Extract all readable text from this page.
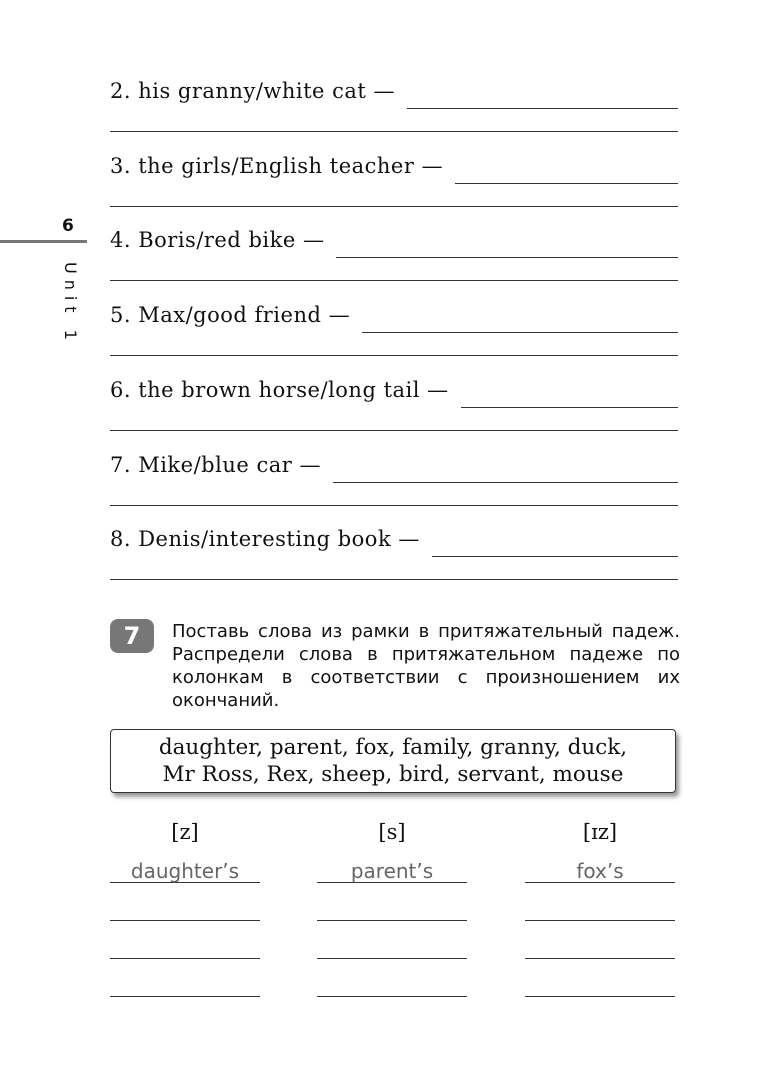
6
Unit 1
2. his granny/white cat —
3. the girls/English teacher —
4. Boris/red bike —
5. Max/good friend —
6. the brown horse/long tail —
7. Mike/blue car —
8. Denis/interesting book —
7	Поставь слова из рамки в притяжательный падеж. Распредели слова в притяжательном падеже по колонкам в соответствии с произношением их окончаний.
daughter, parent, fox, family, granny, duck,
Mr Ross, Rex, sheep, bird, servant, mouse
[z]
daughter’s
[s]
parent’s
[ɪz]
fox’s
